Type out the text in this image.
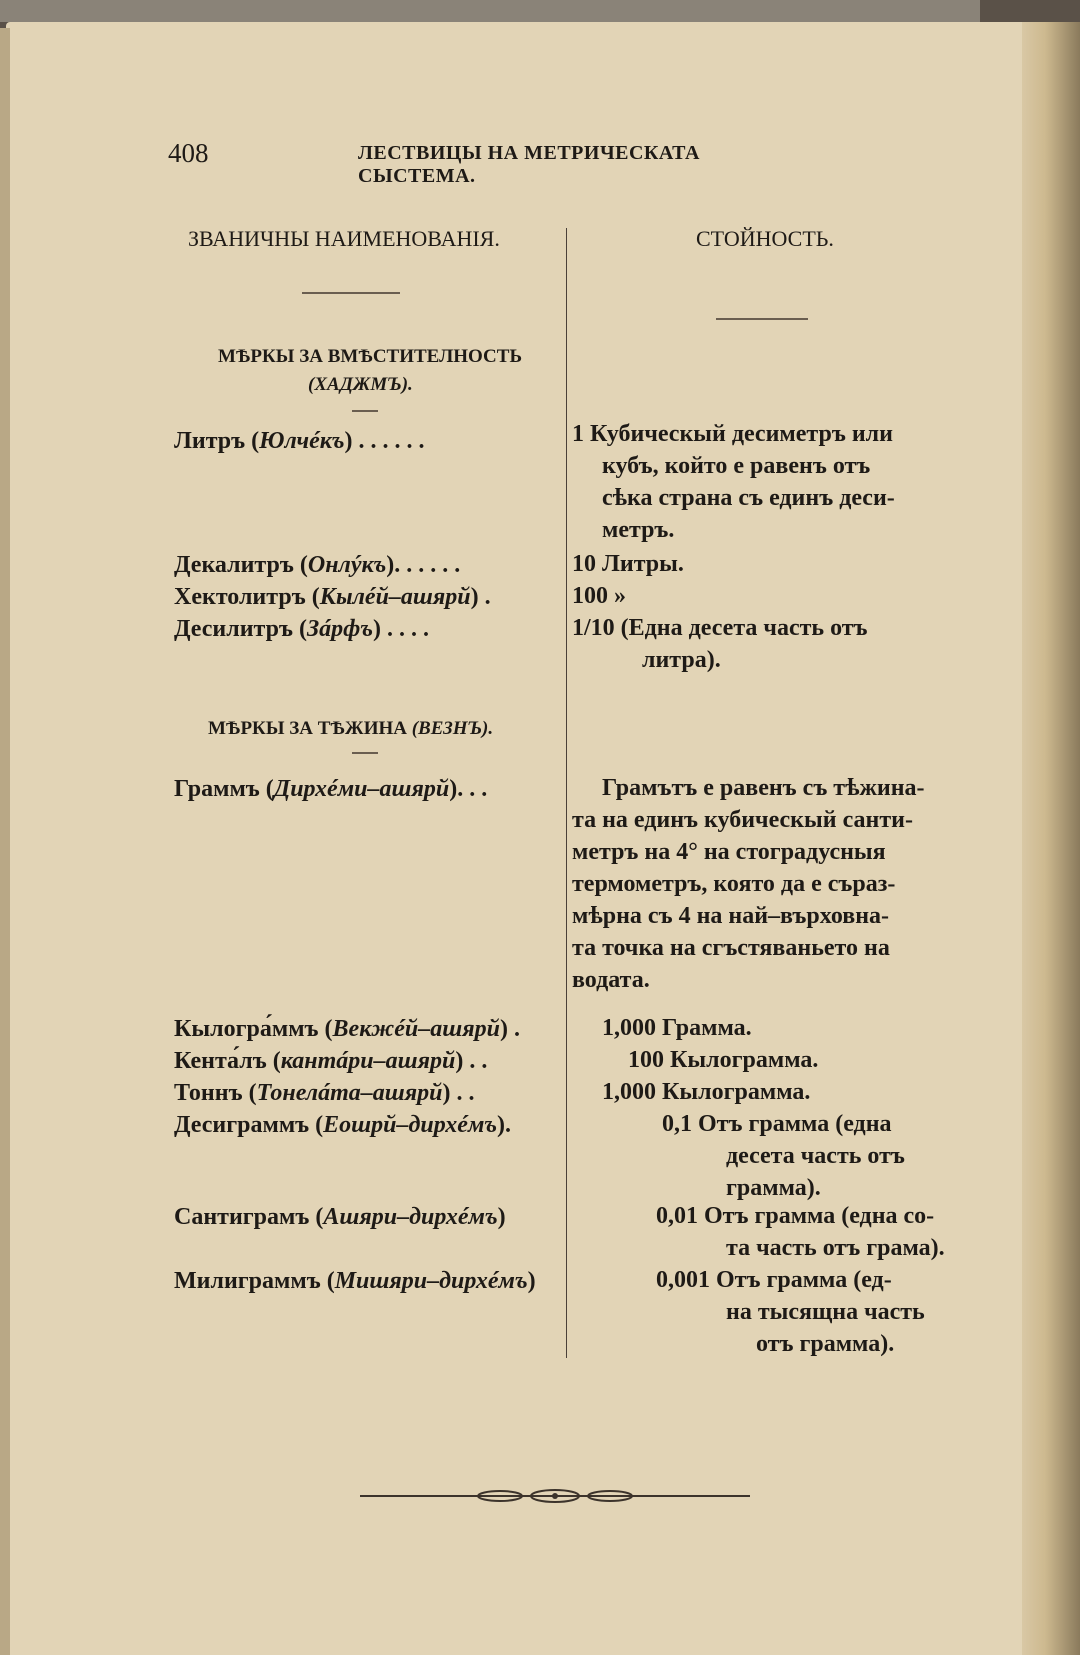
408	ЛЕСТВИЦЫ НА МЕТРИЧЕСКАТА СЫСТЕМА.
ЗВАНИЧНЫ НАИМЕНОВАНІЯ.	СТОЙНОСТЬ.
МѢРКЫ ЗА ВМѢСТИТЕЛНОСТЬ
(ХАДЖМЪ).
Литръ (Юлчéкъ) . . . . . .	1 Кубическый десиметръ или
кубъ, който е равенъ отъ
сѣка страна съ единъ деси-
метръ.
Декалитръ (Онлýкъ). . . . . .	10 Литры.
Хектолитръ (Кылéй–ашярй) .	100 »
Десилитръ (Зáрфъ) . . . .	1/10 (Една десета часть отъ
литра).
МѢРКЫ ЗА ТѢЖИНА (ВЕЗНЪ).
Граммъ (Дирхéми–ашярй). . .	Грамътъ е равенъ съ тѣжина-
та на единъ кубическый санти-
метръ на 4° на стоградусныя
термометръ, която да е съраз-
мѣрна съ 4 на най–върховна-
та точка на сгъстяваньето на
водата.
Кылогра́ммъ (Векжéй–ашярй) .	1,000 Грамма.
Кента́лъ (кантáри–ашярй) . .	100 Кылограмма.
Тоннъ (Тонелáта–ашярй) . .	1,000 Кылограмма.
Десиграммъ (Еошрй–дирхéмъ).	0,1 Отъ грамма (една
десета часть отъ
грамма).
Сантиграмъ (Ашяри–дирхéмъ)	0,01 Отъ грамма (една со-
та часть отъ грама).
Милиграммъ (Мишяри–дирхéмъ)	0,001 Отъ грамма (ед-
на тысящна часть
отъ грамма).
